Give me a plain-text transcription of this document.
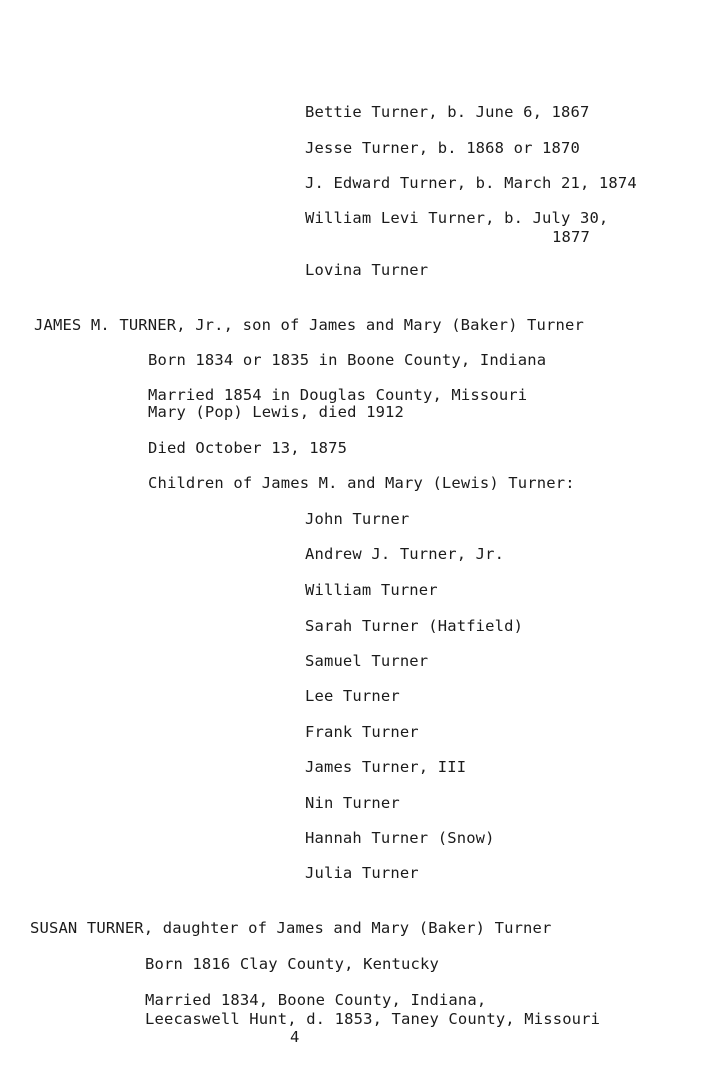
Bettie Turner, b. June 6, 1867
Jesse Turner, b. 1868 or 1870
J. Edward Turner, b. March 21, 1874
William Levi Turner, b. July 30,
1877
Lovina Turner
JAMES M. TURNER, Jr., son of James and Mary (Baker) Turner
Born 1834 or 1835 in Boone County, Indiana
Married 1854 in Douglas County, Missouri
Mary (Pop) Lewis, died 1912
Died October 13, 1875
Children of James M. and Mary (Lewis) Turner:
John Turner
Andrew J. Turner, Jr.
William Turner
Sarah Turner (Hatfield)
Samuel Turner
Lee Turner
Frank Turner
James Turner, III
Nin Turner
Hannah Turner (Snow)
Julia Turner
SUSAN TURNER, daughter of James and Mary (Baker) Turner
Born 1816 Clay County, Kentucky
Married 1834, Boone County, Indiana,
Leecaswell Hunt, d. 1853, Taney County, Missouri
4
